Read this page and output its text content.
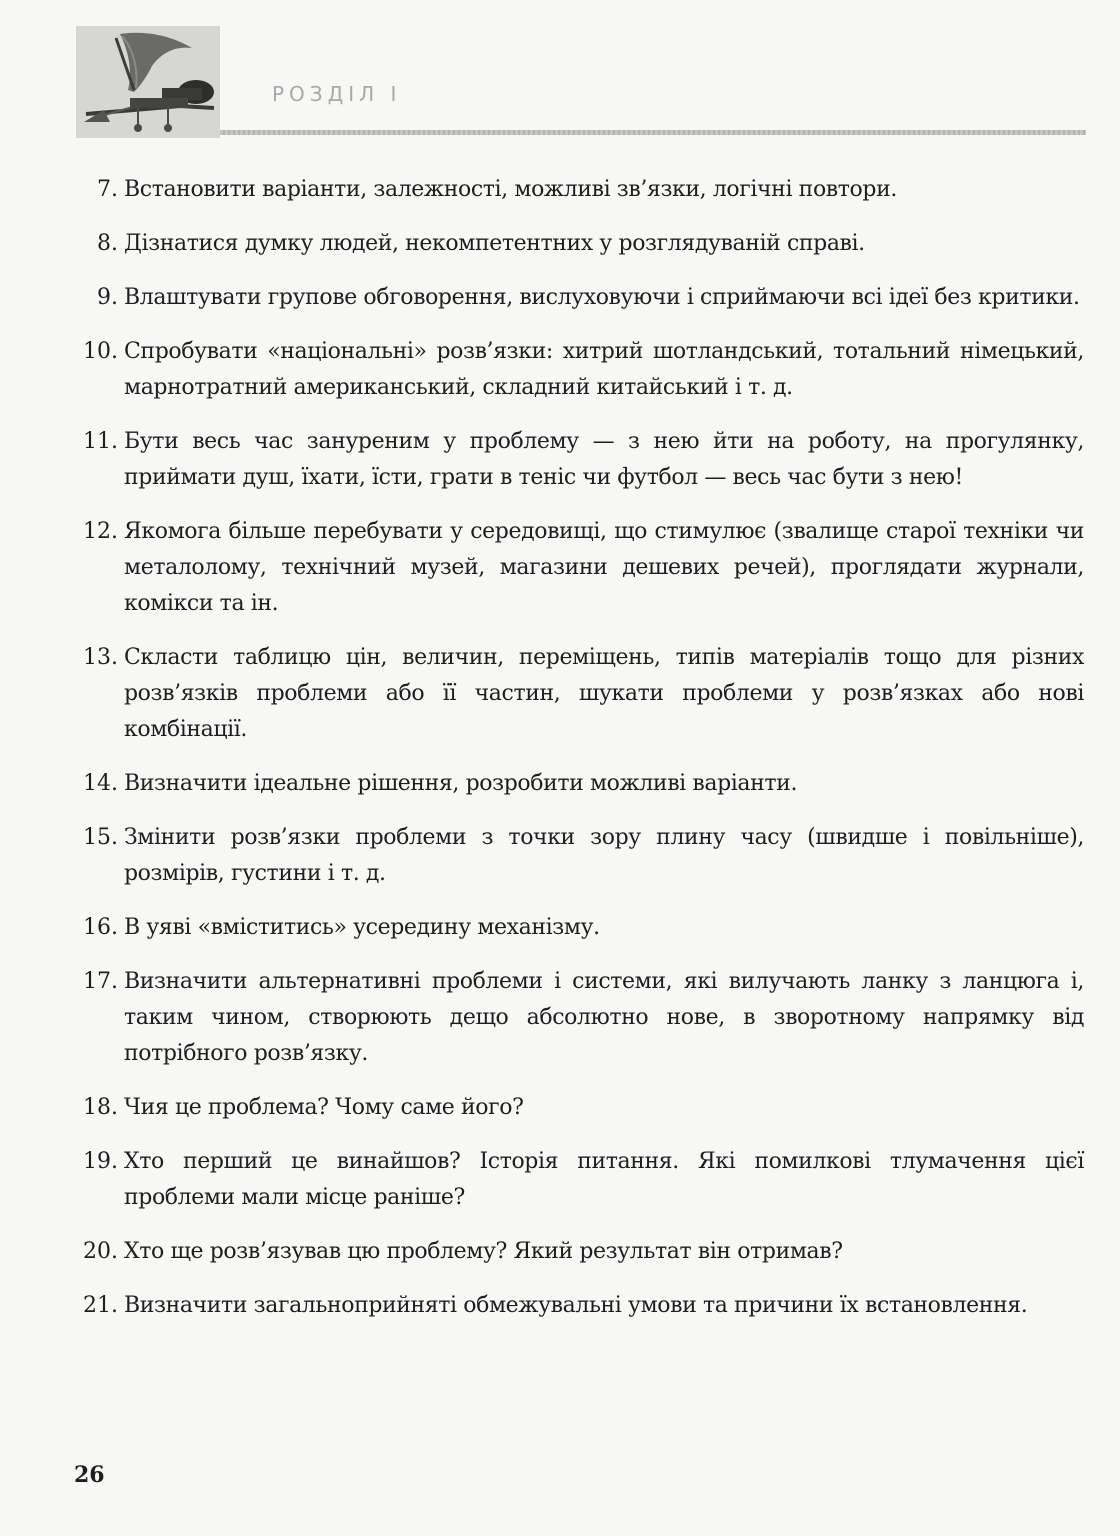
РОЗДІЛ І
7. Встановити варіанти, залежності, можливі зв’язки, логічні повтори.
8. Дізнатися думку людей, некомпетентних у розглядуваній справі.
9. Влаштувати групове обговорення, вислуховуючи і сприймаючи всі ідеї без критики.
10. Спробувати «національні» розв’язки: хитрий шотландський, тотальний німецький, марнотратний американський, складний китайський і т. д.
11. Бути весь час зануреним у проблему — з нею йти на роботу, на прогулянку, приймати душ, їхати, їсти, грати в теніс чи футбол — весь час бути з нею!
12. Якомога більше перебувати у середовищі, що стимулює (звалище старої техніки чи металолому, технічний музей, магазини дешевих речей), проглядати журнали, комікси та ін.
13. Скласти таблицю цін, величин, переміщень, типів матеріалів тощо для різних розв’язків проблеми або її частин, шукати проблеми у розв’язках або нові комбінації.
14. Визначити ідеальне рішення, розробити можливі варіанти.
15. Змінити розв’язки проблеми з точки зору плину часу (швидше і повільніше), розмірів, густини і т. д.
16. В уяві «вміститись» усередину механізму.
17. Визначити альтернативні проблеми і системи, які вилучають ланку з ланцюга і, таким чином, створюють дещо абсолютно нове, в зворотному напрямку від потрібного розв’язку.
18. Чия це проблема? Чому саме його?
19. Хто перший це винайшов? Історія питання. Які помилкові тлумачення цієї проблеми мали місце раніше?
20. Хто ще розв’язував цю проблему? Який результат він отримав?
21. Визначити загальноприйняті обмежувальні умови та причини їх встановлення.
26
